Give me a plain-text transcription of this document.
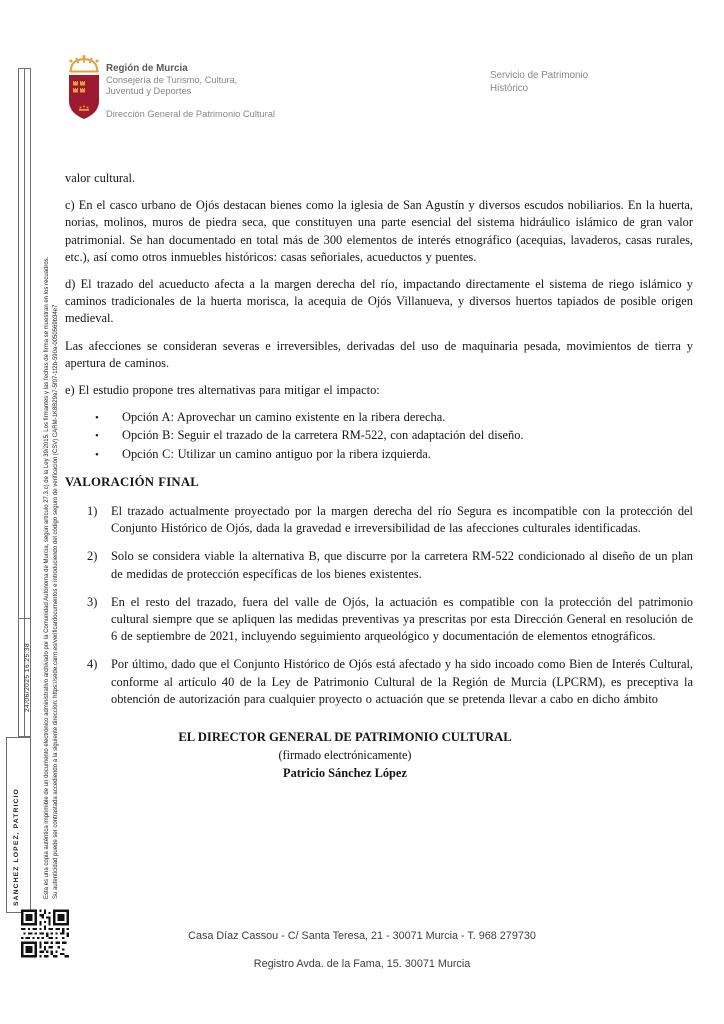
Región de Murcia
Consejería de Turismo, Cultura,
Juventud y Deportes
Dirección General de Patrimonio Cultural
Servicio de Patrimonio
Histórico
24/06/2025 16:25:38
SANCHEZ LOPEZ, PATRICIO	Esta es una copia auténtica imprimible de un documento electrónico administrativo archivado por la Comunidad Autónoma de Murcia, según artículo 27.3.c) de la Ley 39/2015. Los firmantes y las fechas de firma se muestran en los recuadros. Su autenticidad puede ser contrastada accediendo a la siguiente dirección: https://sede.carm.es/verificardocumentos e introduciendo del código seguro de verificación (CSV) CARM-1K8B29a7-5f07-1f2b-590a-0050569b34e7

valor cultural.

c) En el casco urbano de Ojós destacan bienes como la iglesia de San Agustín y diversos escudos nobiliarios. En la huerta, norias, molinos, muros de piedra seca, que constituyen una parte esencial del sistema hidráulico islámico de gran valor patrimonial. Se han documentado en total más de 300 elementos de interés etnográfico (acequias, lavaderos, casas rurales, etc.), así como otros inmuebles históricos: casas señoriales, acueductos y puentes.

d) El trazado del acueducto afecta a la margen derecha del río, impactando directamente el sistema de riego islámico y caminos tradicionales de la huerta morisca, la acequia de Ojós Villanueva, y diversos huertos tapiados de posible origen medieval.

Las afecciones se consideran severas e irreversibles, derivadas del uso de maquinaria pesada, movimientos de tierra y apertura de caminos.

e) El estudio propone tres alternativas para mitigar el impacto:

•
Opción A: Aprovechar un camino existente en la ribera derecha.
•
Opción B: Seguir el trazado de la carretera RM-522, con adaptación del diseño.
•
Opción C: Utilizar un camino antiguo por la ribera izquierda.
VALORACIÓN FINAL
1)	El trazado actualmente proyectado por la margen derecha del río Segura es incompatible con la protección del Conjunto Histórico de Ojós, dada la gravedad e irreversibilidad de las afecciones culturales identificadas.
2)	Solo se considera viable la alternativa B, que discurre por la carretera RM-522 condicionado al diseño de un plan de medidas de protección específicas de los bienes existentes.
3)	En el resto del trazado, fuera del valle de Ojós, la actuación es compatible con la protección del patrimonio cultural siempre que se apliquen las medidas preventivas ya prescritas por esta Dirección General en resolución de 6 de septiembre de 2021, incluyendo seguimiento arqueológico y documentación de elementos etnográficos.
4)	Por último, dado que el Conjunto Histórico de Ojós está afectado y ha sido incoado como Bien de Interés Cultural, conforme al artículo 40 de la Ley de Patrimonio Cultural de la Región de Murcia (LPCRM), es preceptiva la obtención de autorización para cualquier proyecto o actuación que se pretenda llevar a cabo en dicho ámbito
EL DIRECTOR GENERAL DE PATRIMONIO CULTURAL
(firmado electrónicamente)
Patricio Sánchez López
Casa Díaz Cassou - C/ Santa Teresa, 21 - 30071 Murcia - T. 968 279730
Registro Avda. de la Fama, 15. 30071 Murcia
